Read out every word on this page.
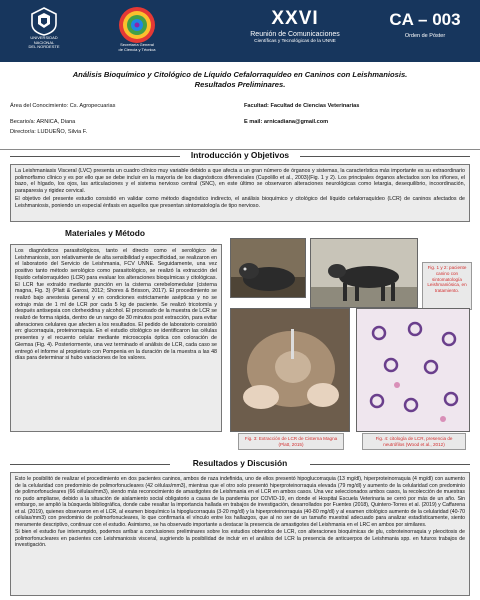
UNIVERSIDAD
NACIONAL
DEL NORDESTE	Secretaría General
de Ciencia y Técnica
XXVI
Reunión de Comunicaciones
Científicas y Tecnológicas de la UNNE
CA – 003
Orden de Póster
Análisis Bioquímico y Citológico de Líquido Cefalorraquídeo en Caninos con Leishmaniosis.
Resultados Preliminares.
Área del Conocimiento: Cs. Agropecuarias
Becario/a: ARNICA, Diana
Director/a: LUDUEÑO, Silvia F.
Facultad: Facultad de Ciencias Veterinarias
E mail: arnicadiana@gmail.com
Introducción y Objetivos

La Leishmaniasis Visceral (LVC) presenta un cuadro clínico muy variable debido a que afecta a un gran número de órganos y sistemas, la característica más importante es su extraordinario polimorfismo clínico y es por ello que se debe incluir en la mayoría de los diagnósticos diferenciales (Cupolillo et al., 2003)(Fig. 1 y 2). Los principales órganos afectados son los riñones, el bazo, el hígado, los ojos, las articulaciones y el sistema nervioso central (SNC), en este último se observaron alteraciones neurológicas como letargia, desequilibrio, incoordinación, paraparesia y rigidez cervical.

El objetivo del presente estudio consistió en validar como método diagnóstico indirecto, el análisis bioquímico y citológico del líquido cefalorraquídeo (LCR) de caninos afectados de Leishmaniosis, poniendo un especial énfasis en aquellos que presentan sintomatología de tipo nervioso.

Materiales y Método

Los diagnósticos parasitológicos, tanto el directo como el serológico de Leishmaniosis, son relativamente de alta sensibilidad y especificidad, se realizaron en el laboratorio del Servicio de Leishmania, FCV UNNE. Seguidamente, una vez positivo tanto método serológico como parasitológico, se realizó la extracción del líquido cefalorraquídeo (LCR) para evaluar los alteraciones bioquímicas y citológicas. El LCR fue extraído mediante punción en la cisterna cerebelomedular (cisterna magna, Fig. 3) (Platt & Garosi, 2012; Shores & Brisson, 2017). El procedimiento se realizó bajo anestesia general y en condiciones estrictamente asépticas y no se extrajo más de 1 ml de LCR por cada 5 kg de paciente. Se realizó tricotomía y después antisepsia con clorhexidina y alcohol. El procesado de la muestra de LCR se realizó de forma rápida, dentro de un rango de 30 minutos post extracción, para evitar alteraciones celulares que afecten a los resultados. El pedido de laboratorio consistió en: glucorraquia, proteinorraquia. En el estudio citológico se identificaron las células presentes y el recuento celular mediante microscopía óptica con coloración de Giemsa (Fig. 4). Posteriormente, una vez terminado el análisis de LCR, cada caso se entregó el informe al propietario con Pompenia en la duración de la muestra a las 48 días para determinar si hubo variaciones de los valores.

Fig. 1 y 2: paciente canino con sintomatología Leishmaniósica, en tratamiento.
Fig. 3: Extracción de LCR de Cisterna Magna (Platt, 2015)
Fig. 4: citología de LCR, presencia de neutrófilos (Wood et al., 2012)
Resultados y Discusión

Esto le posibilitó de realizar el procedimiento en dos pacientes caninos, ambos de raza indefinida, uno de ellos presentó hipoglucorraquia (13 mg/dl), hiperproteinorraquia (4 mg/dl) con aumento de la celularidad con predominio de polimorfonucleares (42 células/mm3), mientras que el otro solo presentó hiperproteinorraquia elevada (79 mg/dl) y aumento de la celularidad con predominio de polimorfonucleares (66 células/mm3), siendo más reconocimiento de amastigotes de Leishmania en el LCR en ambos casos. Una vez seleccionados ambos casos, la recolección de muestras no pudo ampliarse, debido a la situación de aislamiento social obligatorio a causa de la pandemia por COVID-19, en donde el Hospital Escuela Veterinaria se cerró por más de un año. Sin embargo, se amplió la búsqueda bibliográfica, donde cabe resaltar la importancia hallada en trabajos de investigación, desarrollados por Fuentes (2018), Quintero-Torres et al. (2019) y Caffarena et al. (2019), quienes observaron en el LCR, al examen bioquímico la hipoglucorraquia (3-20 mg/dl) y la hiperproteinorraquia (40-80 mg/dl) y al examen citológico aumento de la celularidad (40-70 células/mm3) con predominio de polimorfonucleares, lo que confirmaría el vínculo entre los hallazgos, que al no ser de un tamaño muestral adecuado para analizar estadísticamente, siento meramente descriptivo, continuar con el estudio. Asimismo, se ha observado importante a destacar la presencia de amastigotes del Leishmania en el LRC en ambos por similares.

Si bien el estudio fue interrumpido, podemos arribar a conclusiones preliminares sobre los estudios obtenidos de LCR, con alteraciones bioquímicas de glu, cobroteinorraquia y pleocitosis de polimorfonucleares en pacientes con Leishmaniosis visceral, sugiriendo la posibilidad de incluir en el análisis del LCR la presencia de anticuerpos de Leishmania spp. en futuros trabajos de investigación.
